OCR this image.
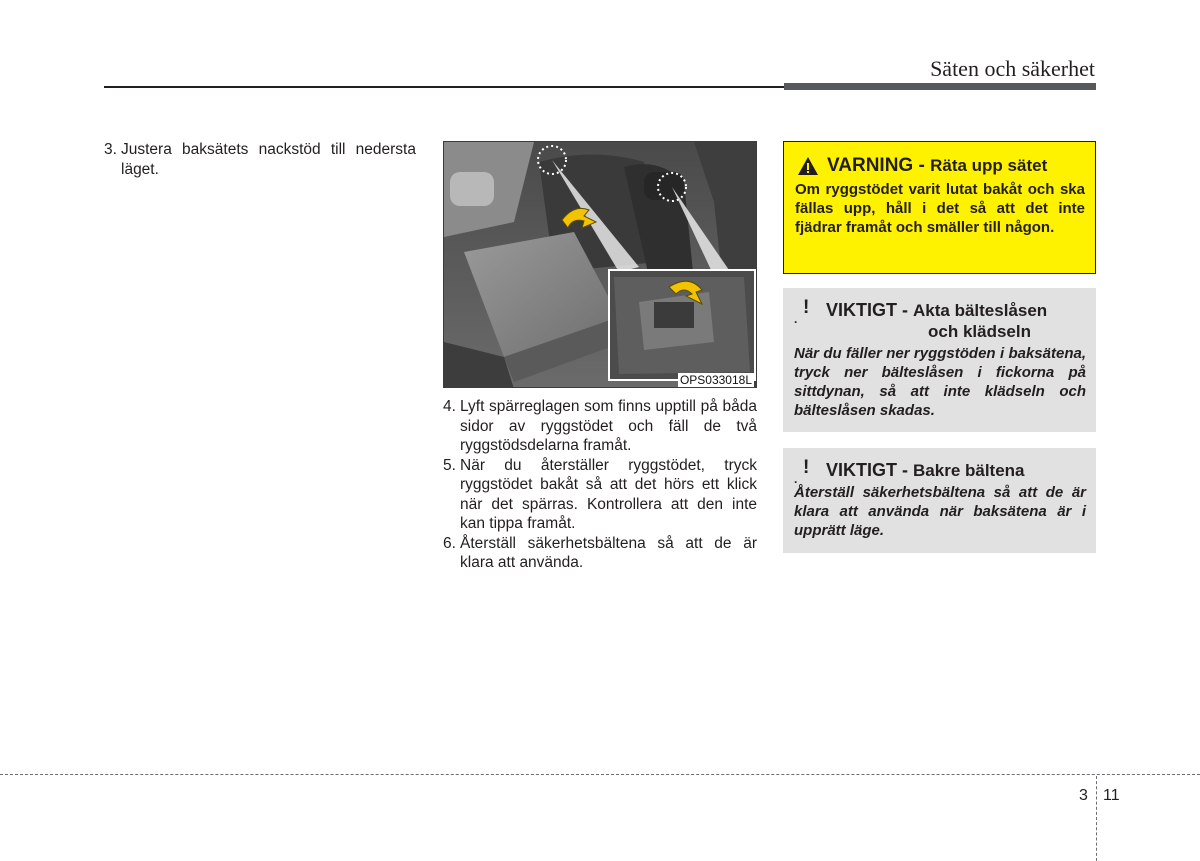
Säten och säkerhet
3. Justera baksätets nackstöd till nedersta läget.
OPS033018L
4. Lyft spärreglagen som finns upptill på båda sidor av ryggstödet och fäll de två ryggstödsdelarna framåt.
5. När du återställer ryggstödet, tryck ryggstödet bakåt så att det hörs ett klick när det spärras. Kontrollera att den inte kan tippa framåt.
6. Återställ säkerhetsbältena så att de är klara att använda.
VARNING -
Räta upp sätet
Om ryggstödet varit lutat bakåt och ska fällas upp, håll i det så att det inte fjädrar framåt och smäller till någon.
.
! VIKTIGT -
Akta bälteslåsen
och klädseln
När du fäller ner ryggstöden i baksätena, tryck ner bälteslåsen i fickorna på sittdynan, så att inte klädseln och bälteslåsen skadas.
.
! VIKTIGT -
Bakre bältena
Återställ säkerhetsbältena så att de är klara att använda när baksätena är i upprätt läge.
3 11
